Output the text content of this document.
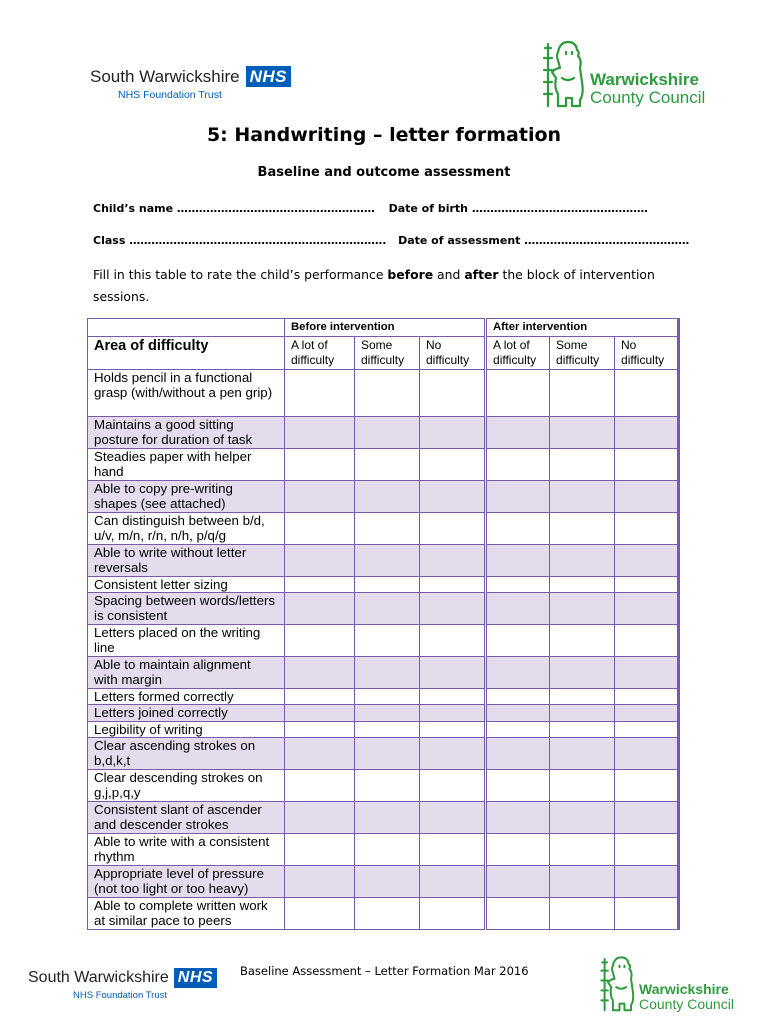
South Warwickshire NHS
NHS Foundation Trust
Warwickshire
County Council
5: Handwriting – letter formation
Baseline and outcome assessment
Child’s name ……………………………………………… Date of birth …………………………………………
Class ……………………………………………………………. Date of assessment ………………………………………
Fill in this table to rate the child’s performance before and after the block of intervention sessions.
	Before intervention			After intervention		
Area of difficulty	A lot of difficulty	Some difficulty	No difficulty	A lot of difficulty	Some difficulty	No difficulty
Holds pencil in a functional grasp (with/without a pen grip)						
Maintains a good sitting posture for duration of task						
Steadies paper with helper hand						
Able to copy pre-writing shapes (see attached)						
Can distinguish between b/d, u/v, m/n, r/n, n/h, p/q/g						
Able to write without letter reversals						
Consistent letter sizing						
Spacing between words/letters is consistent						
Letters placed on the writing line						
Able to maintain alignment with margin						
Letters formed correctly						
Letters joined correctly						
Legibility of writing						
Clear ascending strokes on b,d,k,t						
Clear descending strokes on g,j,p,q,y						
Consistent slant of ascender and descender strokes						
Able to write with a consistent rhythm						
Appropriate level of pressure (not too light or too heavy)						
Able to complete written work at similar pace to peers						
South Warwickshire NHS
NHS Foundation Trust
Baseline Assessment – Letter Formation Mar 2016
Warwickshire
County Council
